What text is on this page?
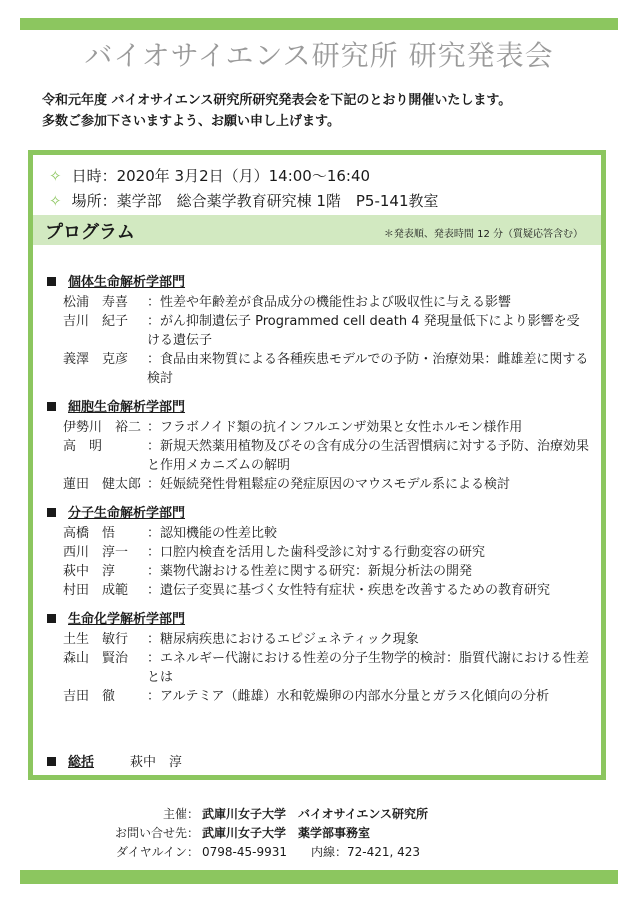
バイオサイエンス研究所 研究発表会
令和元年度 バイオサイエンス研究所研究発表会を下記のとおり開催いたします。
多数ご参加下さいますよう、お願い申し上げます。
✧ 日時：2020年 3月2日（月）14:00～16:40
✧ 場所：薬学部　総合薬学教育研究棟 1階　P5-141教室
プログラム	＊発表順、発表時間 12 分（質疑応答含む）
個体生命解析学部門
松浦　寿喜	：性差や年齢差が食品成分の機能性および吸収性に与える影響
吉川　紀子	：がん抑制遺伝子 Programmed cell death 4 発現量低下により影響を受ける遺伝子
義澤　克彦	：食品由来物質による各種疾患モデルでの予防・治療効果：雌雄差に関する検討
細胞生命解析学部門
伊勢川　裕二 ：フラボノイド類の抗インフルエンザ効果と女性ホルモン様作用
高　明	：新規天然薬用植物及びその含有成分の生活習慣病に対する予防、治療効果と作用メカニズムの解明
蓮田　健太郎 ：妊娠続発性骨粗鬆症の発症原因のマウスモデル系による検討
分子生命解析学部門
高橋　悟	：認知機能の性差比較
西川　淳一	：口腔内検査を活用した歯科受診に対する行動変容の研究
萩中　淳	：薬物代謝おける性差に関する研究：新規分析法の開発
村田　成範	：遺伝子変異に基づく女性特有症状・疾患を改善するための教育研究
生命化学解析学部門
土生　敏行	：糖尿病疾患におけるエピジェネティック現象
森山　賢治	：エネルギー代謝における性差の分子生物学的検討：脂質代謝における性差とは
吉田　徹	：アルテミア（雌雄）水和乾燥卵の内部水分量とガラス化傾向の分析
総括	萩中　淳
主催： 武庫川女子大学　バイオサイエンス研究所
お問い合せ先： 武庫川女子大学　薬学部事務室
ダイヤルイン： 0798-45-9931　　内線：72-421, 423
